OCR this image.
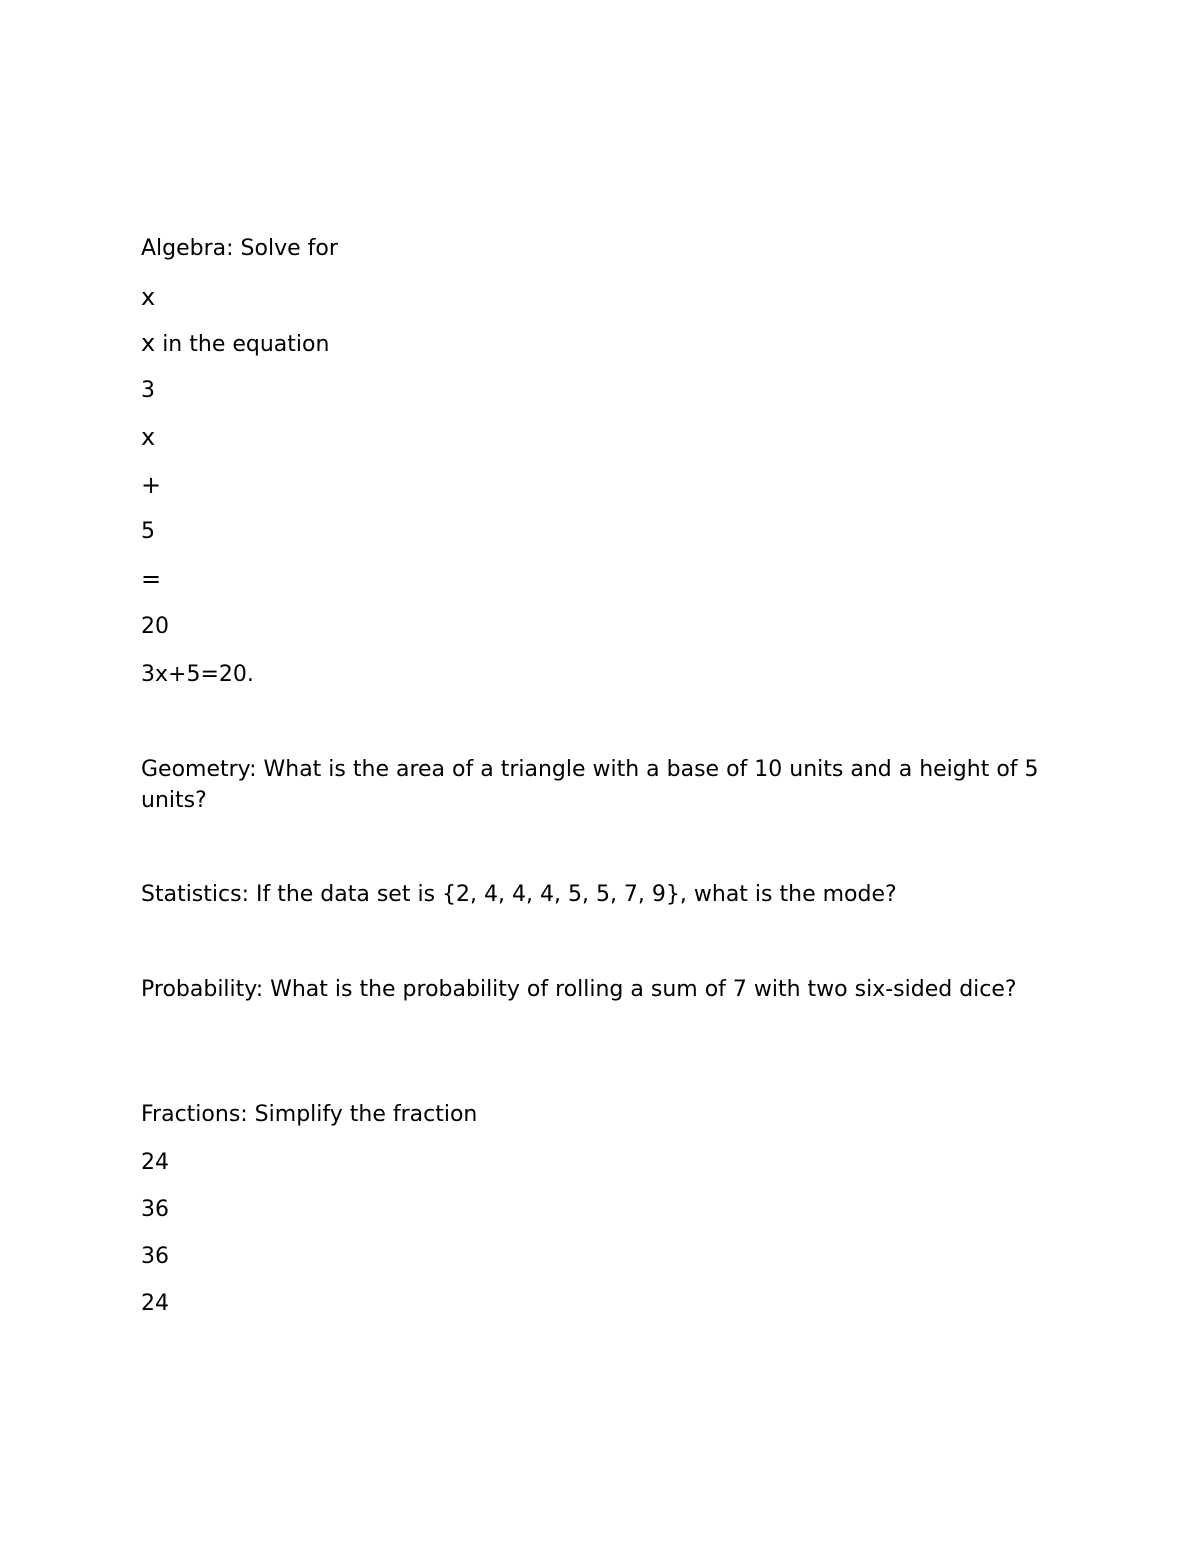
Algebra: Solve for
x
x in the equation
3
x
+
5
=
20
3x+5=20.
Geometry: What is the area of a triangle with a base of 10 units and a height of 5 units?
Statistics: If the data set is {2, 4, 4, 4, 5, 5, 7, 9}, what is the mode?
Probability: What is the probability of rolling a sum of 7 with two six-sided dice?
Fractions: Simplify the fraction
24
36
36
24
